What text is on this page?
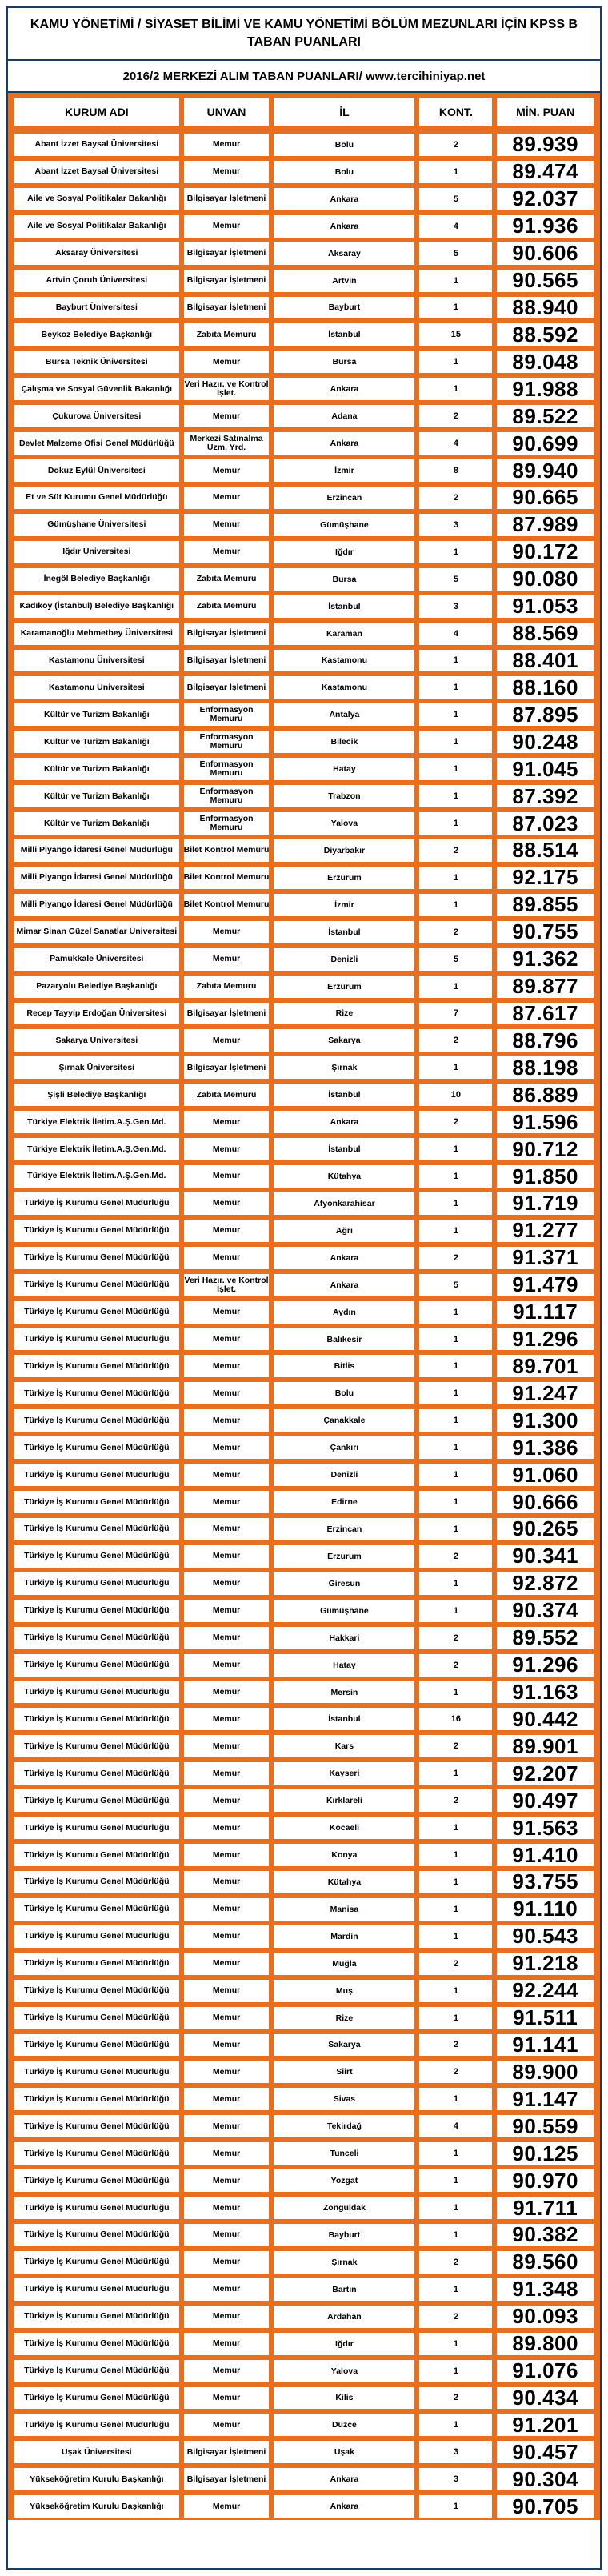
KAMU YÖNETİMİ / SİYASET BİLİMİ VE KAMU YÖNETİMİ BÖLÜM MEZUNLARI İÇİN KPSS B TABAN PUANLARI
2016/2 MERKEZİ ALIM TABAN PUANLARI/ www.tercihiniyap.net
KURUM ADI	UNVAN	İL	KONT.	MİN. PUAN
Abant İzzet Baysal Üniversitesi	Memur	Bolu	2	89.939
Abant İzzet Baysal Üniversitesi	Memur	Bolu	1	89.474
Aile ve Sosyal Politikalar Bakanlığı	Bilgisayar İşletmeni	Ankara	5	92.037
Aile ve Sosyal Politikalar Bakanlığı	Memur	Ankara	4	91.936
Aksaray Üniversitesi	Bilgisayar İşletmeni	Aksaray	5	90.606
Artvin Çoruh Üniversitesi	Bilgisayar İşletmeni	Artvin	1	90.565
Bayburt Üniversitesi	Bilgisayar İşletmeni	Bayburt	1	88.940
Beykoz Belediye Başkanlığı	Zabıta Memuru	İstanbul	15	88.592
Bursa Teknik Üniversitesi	Memur	Bursa	1	89.048
Çalışma ve Sosyal Güvenlik Bakanlığı	Veri Hazır. ve Kontrol İşlet.	Ankara	1	91.988
Çukurova Üniversitesi	Memur	Adana	2	89.522
Devlet Malzeme Ofisi Genel Müdürlüğü	Merkezi Satınalma Uzm. Yrd.	Ankara	4	90.699
Dokuz Eylül Üniversitesi	Memur	İzmir	8	89.940
Et ve Süt Kurumu Genel Müdürlüğü	Memur	Erzincan	2	90.665
Gümüşhane Üniversitesi	Memur	Gümüşhane	3	87.989
Iğdır Üniversitesi	Memur	Iğdır	1	90.172
İnegöl Belediye Başkanlığı	Zabıta Memuru	Bursa	5	90.080
Kadıköy (İstanbul) Belediye Başkanlığı	Zabıta Memuru	İstanbul	3	91.053
Karamanoğlu Mehmetbey Üniversitesi	Bilgisayar İşletmeni	Karaman	4	88.569
Kastamonu Üniversitesi	Bilgisayar İşletmeni	Kastamonu	1	88.401
Kastamonu Üniversitesi	Bilgisayar İşletmeni	Kastamonu	1	88.160
Kültür ve Turizm Bakanlığı	Enformasyon Memuru	Antalya	1	87.895
Kültür ve Turizm Bakanlığı	Enformasyon Memuru	Bilecik	1	90.248
Kültür ve Turizm Bakanlığı	Enformasyon Memuru	Hatay	1	91.045
Kültür ve Turizm Bakanlığı	Enformasyon Memuru	Trabzon	1	87.392
Kültür ve Turizm Bakanlığı	Enformasyon Memuru	Yalova	1	87.023
Milli Piyango İdaresi Genel Müdürlüğü	Bilet Kontrol Memuru	Diyarbakır	2	88.514
Milli Piyango İdaresi Genel Müdürlüğü	Bilet Kontrol Memuru	Erzurum	1	92.175
Milli Piyango İdaresi Genel Müdürlüğü	Bilet Kontrol Memuru	İzmir	1	89.855
Mimar Sinan Güzel Sanatlar Üniversitesi	Memur	İstanbul	2	90.755
Pamukkale Üniversitesi	Memur	Denizli	5	91.362
Pazaryolu Belediye Başkanlığı	Zabıta Memuru	Erzurum	1	89.877
Recep Tayyip Erdoğan Üniversitesi	Bilgisayar İşletmeni	Rize	7	87.617
Sakarya Üniversitesi	Memur	Sakarya	2	88.796
Şırnak Üniversitesi	Bilgisayar İşletmeni	Şırnak	1	88.198
Şişli Belediye Başkanlığı	Zabıta Memuru	İstanbul	10	86.889
Türkiye Elektrik İletim.A.Ş.Gen.Md.	Memur	Ankara	2	91.596
Türkiye Elektrik İletim.A.Ş.Gen.Md.	Memur	İstanbul	1	90.712
Türkiye Elektrik İletim.A.Ş.Gen.Md.	Memur	Kütahya	1	91.850
Türkiye İş Kurumu Genel Müdürlüğü	Memur	Afyonkarahisar	1	91.719
Türkiye İş Kurumu Genel Müdürlüğü	Memur	Ağrı	1	91.277
Türkiye İş Kurumu Genel Müdürlüğü	Memur	Ankara	2	91.371
Türkiye İş Kurumu Genel Müdürlüğü	Veri Hazır. ve Kontrol İşlet.	Ankara	5	91.479
Türkiye İş Kurumu Genel Müdürlüğü	Memur	Aydın	1	91.117
Türkiye İş Kurumu Genel Müdürlüğü	Memur	Balıkesir	1	91.296
Türkiye İş Kurumu Genel Müdürlüğü	Memur	Bitlis	1	89.701
Türkiye İş Kurumu Genel Müdürlüğü	Memur	Bolu	1	91.247
Türkiye İş Kurumu Genel Müdürlüğü	Memur	Çanakkale	1	91.300
Türkiye İş Kurumu Genel Müdürlüğü	Memur	Çankırı	1	91.386
Türkiye İş Kurumu Genel Müdürlüğü	Memur	Denizli	1	91.060
Türkiye İş Kurumu Genel Müdürlüğü	Memur	Edirne	1	90.666
Türkiye İş Kurumu Genel Müdürlüğü	Memur	Erzincan	1	90.265
Türkiye İş Kurumu Genel Müdürlüğü	Memur	Erzurum	2	90.341
Türkiye İş Kurumu Genel Müdürlüğü	Memur	Giresun	1	92.872
Türkiye İş Kurumu Genel Müdürlüğü	Memur	Gümüşhane	1	90.374
Türkiye İş Kurumu Genel Müdürlüğü	Memur	Hakkari	2	89.552
Türkiye İş Kurumu Genel Müdürlüğü	Memur	Hatay	2	91.296
Türkiye İş Kurumu Genel Müdürlüğü	Memur	Mersin	1	91.163
Türkiye İş Kurumu Genel Müdürlüğü	Memur	İstanbul	16	90.442
Türkiye İş Kurumu Genel Müdürlüğü	Memur	Kars	2	89.901
Türkiye İş Kurumu Genel Müdürlüğü	Memur	Kayseri	1	92.207
Türkiye İş Kurumu Genel Müdürlüğü	Memur	Kırklareli	2	90.497
Türkiye İş Kurumu Genel Müdürlüğü	Memur	Kocaeli	1	91.563
Türkiye İş Kurumu Genel Müdürlüğü	Memur	Konya	1	91.410
Türkiye İş Kurumu Genel Müdürlüğü	Memur	Kütahya	1	93.755
Türkiye İş Kurumu Genel Müdürlüğü	Memur	Manisa	1	91.110
Türkiye İş Kurumu Genel Müdürlüğü	Memur	Mardin	1	90.543
Türkiye İş Kurumu Genel Müdürlüğü	Memur	Muğla	2	91.218
Türkiye İş Kurumu Genel Müdürlüğü	Memur	Muş	1	92.244
Türkiye İş Kurumu Genel Müdürlüğü	Memur	Rize	1	91.511
Türkiye İş Kurumu Genel Müdürlüğü	Memur	Sakarya	2	91.141
Türkiye İş Kurumu Genel Müdürlüğü	Memur	Siirt	2	89.900
Türkiye İş Kurumu Genel Müdürlüğü	Memur	Sivas	1	91.147
Türkiye İş Kurumu Genel Müdürlüğü	Memur	Tekirdağ	4	90.559
Türkiye İş Kurumu Genel Müdürlüğü	Memur	Tunceli	1	90.125
Türkiye İş Kurumu Genel Müdürlüğü	Memur	Yozgat	1	90.970
Türkiye İş Kurumu Genel Müdürlüğü	Memur	Zonguldak	1	91.711
Türkiye İş Kurumu Genel Müdürlüğü	Memur	Bayburt	1	90.382
Türkiye İş Kurumu Genel Müdürlüğü	Memur	Şırnak	2	89.560
Türkiye İş Kurumu Genel Müdürlüğü	Memur	Bartın	1	91.348
Türkiye İş Kurumu Genel Müdürlüğü	Memur	Ardahan	2	90.093
Türkiye İş Kurumu Genel Müdürlüğü	Memur	Iğdır	1	89.800
Türkiye İş Kurumu Genel Müdürlüğü	Memur	Yalova	1	91.076
Türkiye İş Kurumu Genel Müdürlüğü	Memur	Kilis	2	90.434
Türkiye İş Kurumu Genel Müdürlüğü	Memur	Düzce	1	91.201
Uşak Üniversitesi	Bilgisayar İşletmeni	Uşak	3	90.457
Yükseköğretim Kurulu Başkanlığı	Bilgisayar İşletmeni	Ankara	3	90.304
Yükseköğretim Kurulu Başkanlığı	Memur	Ankara	1	90.705
